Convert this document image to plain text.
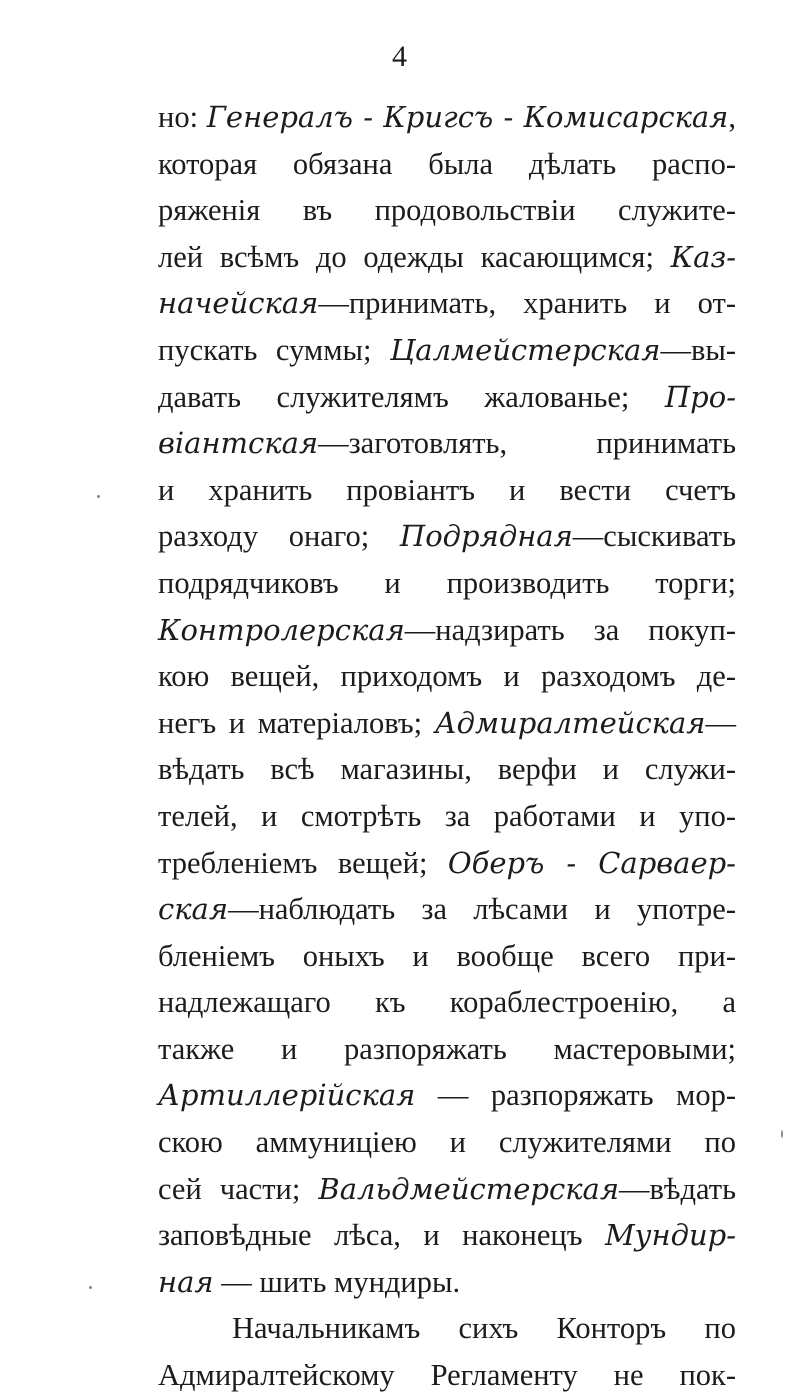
4
но: Генералъ - Кригсъ - Комисарская,
которая обязана была дѣлать распо-
ряженія въ продовольствіи служите-
лей всѣмъ до одежды касающимся; Каз-
начейская—принимать, хранить и от-
пускать суммы; Цалмейстерская—вы-
давать служителямъ жалованье; Про-
віантская—заготовлять, принимать
и хранить провіантъ и вести счетъ
разходу онаго; Подрядная—сыскивать
подрядчиковъ и производить торги;
Контролерская—надзирать за покуп-
кою вещей, приходомъ и разходомъ де-
негъ и матеріаловъ; Адмиралтейская—
вѣдать всѣ магазины, верфи и служи-
телей, и смотрѣть за работами и упо-
требленіемъ вещей; Оберъ - Сарваер-
ская—наблюдать за лѣсами и употре-
бленіемъ оныхъ и вообще всего при-
надлежащаго къ кораблестроенію, а
также и разпоряжать мастеровыми;
Артиллерійская — разпоряжать мор-
скою аммуниціею и служителями по
сей части; Вальдмейстерская—вѣдать
заповѣдные лѣса, и наконецъ Мундир-
ная — шить мундиры.
Начальникамъ сихъ Конторъ по
Адмиралтейскому Регламенту не пок-
